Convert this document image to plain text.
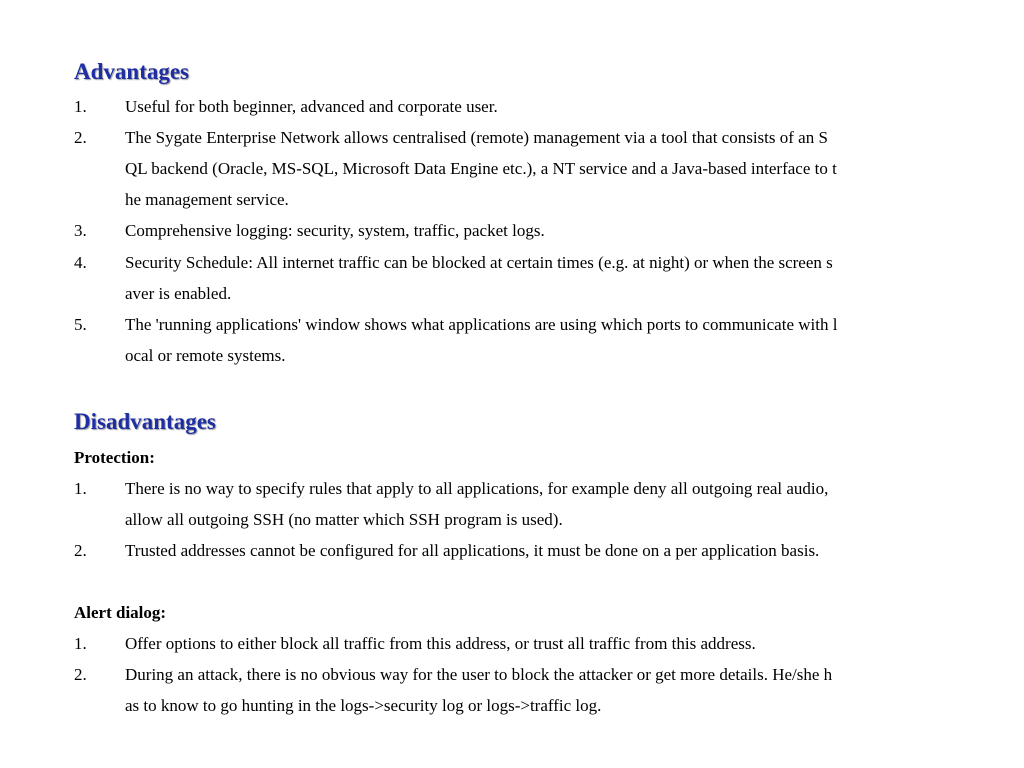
Advantages
1. Useful for both beginner, advanced and corporate user.
2. The Sygate Enterprise Network allows centralised (remote) management via a tool that consists of an S
QL backend (Oracle, MS-SQL, Microsoft Data Engine etc.), a NT service and a Java-based interface to t
he management service.
3. Comprehensive logging: security, system, traffic, packet logs.
4. Security Schedule: All internet traffic can be blocked at certain times (e.g. at night) or when the screen s
aver is enabled.
5. The 'running applications' window shows what applications are using which ports to communicate with l
ocal or remote systems.
Disadvantages
Protection:
1. There is no way to specify rules that apply to all applications, for example deny all outgoing real audio,
allow all outgoing SSH (no matter which SSH program is used).
2. Trusted addresses cannot be configured for all applications, it must be done on a per application basis.
Alert dialog:
1. Offer options to either block all traffic from this address, or trust all traffic from this address.
2. During an attack, there is no obvious way for the user to block the attacker or get more details. He/she h
as to know to go hunting in the logs->security log or logs->traffic log.
